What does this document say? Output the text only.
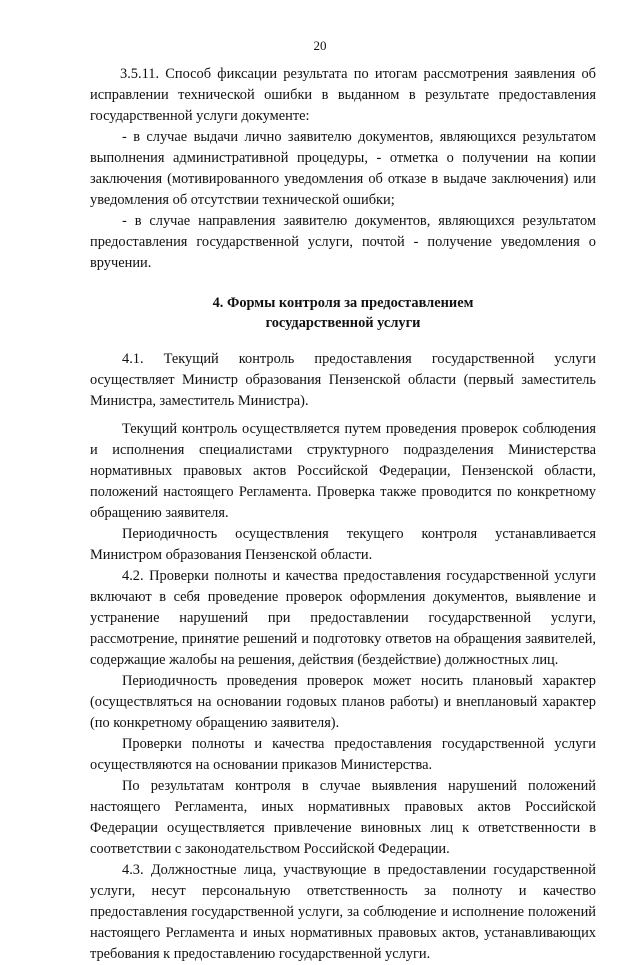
20

3.5.11. Способ фиксации результата по итогам рассмотрения заявления об исправлении технической ошибки в выданном в результате предоставления государственной услуги документе:

- в случае выдачи лично заявителю документов, являющихся результатом выполнения административной процедуры, - отметка о получении на копии заключения (мотивированного уведомления об отказе в выдаче заключения) или уведомления об отсутствии технической ошибки;

- в случае направления заявителю документов, являющихся результатом предоставления государственной услуги, почтой - получение уведомления о вручении.

4. Формы контроля за предоставлением
государственной услуги

4.1. Текущий контроль предоставления государственной услуги осуществляет Министр образования Пензенской области (первый заместитель Министра, заместитель Министра).

Текущий контроль осуществляется путем проведения проверок соблюдения и исполнения специалистами структурного подразделения Министерства нормативных правовых актов Российской Федерации, Пензенской области, положений настоящего Регламента. Проверка также проводится по конкретному обращению заявителя.

Периодичность осуществления текущего контроля устанавливается Министром образования Пензенской области.

4.2. Проверки полноты и качества предоставления государственной услуги включают в себя проведение проверок оформления документов, выявление и устранение нарушений при предоставлении государственной услуги, рассмотрение, принятие решений и подготовку ответов на обращения заявителей, содержащие жалобы на решения, действия (бездействие) должностных лиц.

Периодичность проведения проверок может носить плановый характер (осуществляться на основании годовых планов работы) и внеплановый характер (по конкретному обращению заявителя).

Проверки полноты и качества предоставления государственной услуги осуществляются на основании приказов Министерства.

По результатам контроля в случае выявления нарушений положений настоящего Регламента, иных нормативных правовых актов Российской Федерации осуществляется привлечение виновных лиц к ответственности в соответствии с законодательством Российской Федерации.

4.3. Должностные лица, участвующие в предоставлении государственной услуги, несут персональную ответственность за полноту и качество предоставления государственной услуги, за соблюдение и исполнение положений настоящего Регламента и иных нормативных правовых актов, устанавливающих требования к предоставлению государственной услуги.
